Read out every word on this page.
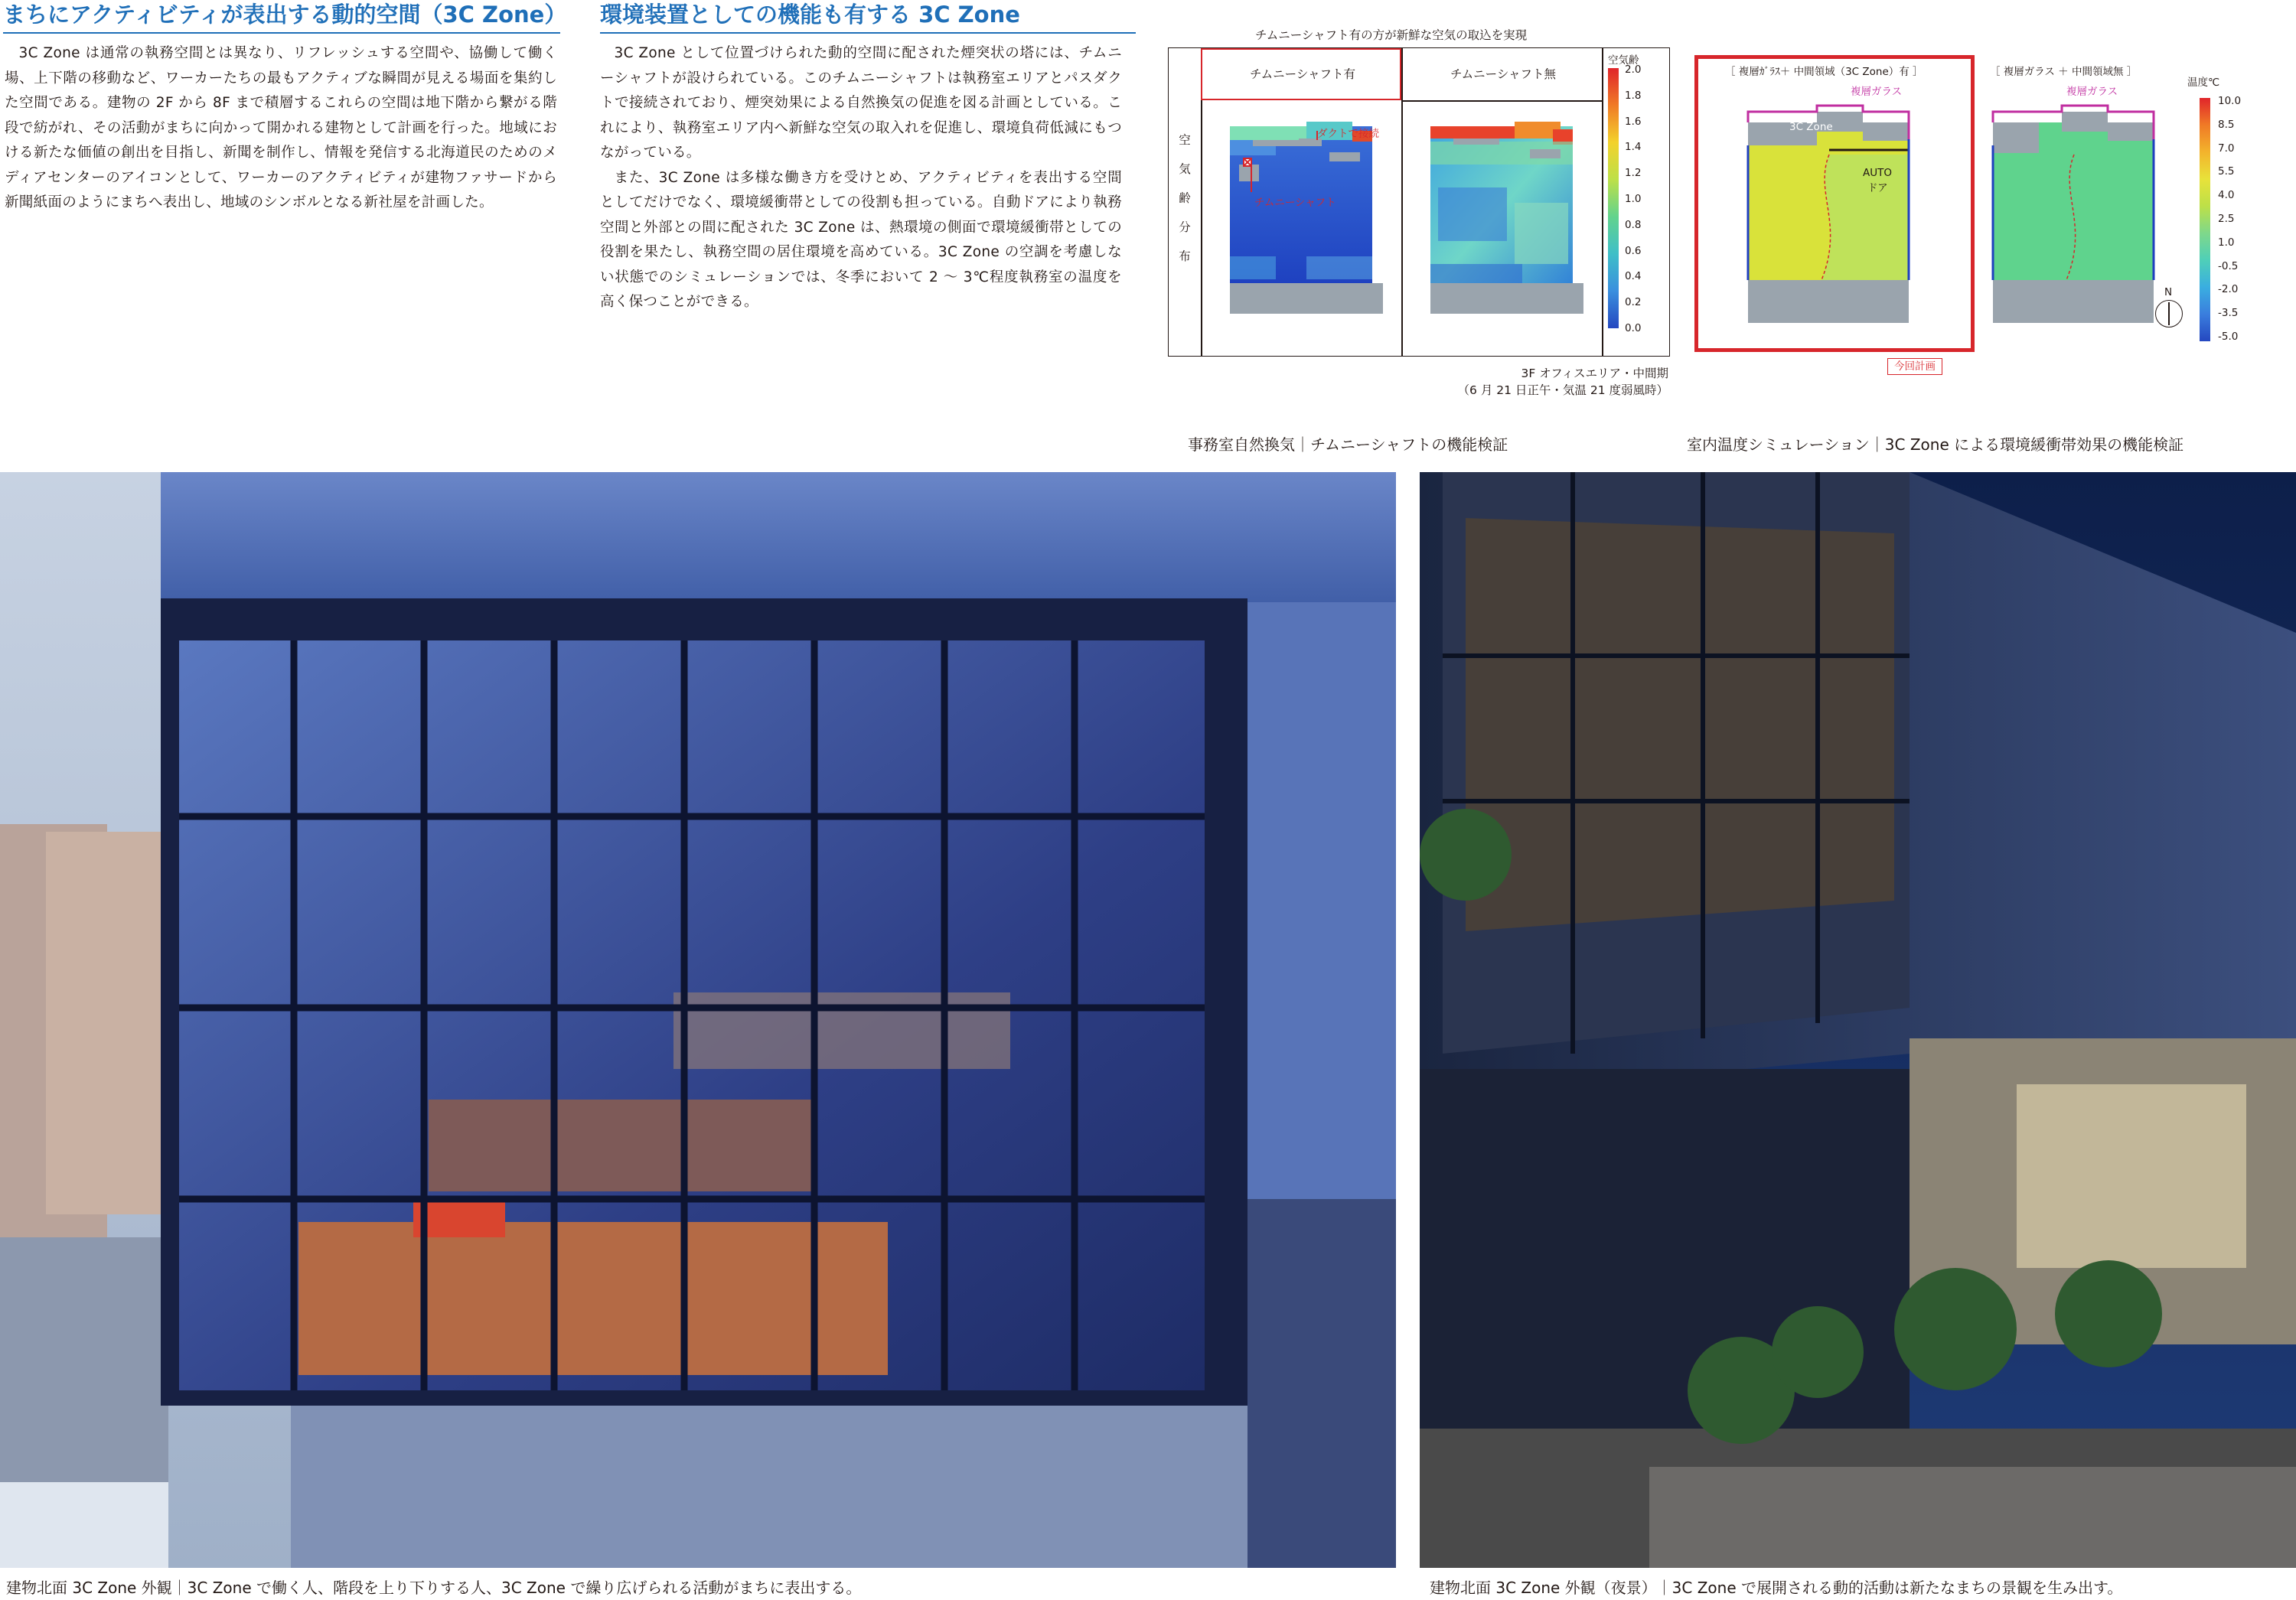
まちにアクティビティが表出する動的空間（3C Zone）

3C Zone は通常の執務空間とは異なり、リフレッシュする空間や、協働して働く場、上下階の移動など、ワーカーたちの最もアクティブな瞬間が見える場面を集約した空間である。建物の 2F から 8F まで積層するこれらの空間は地下階から繋がる階段で紡がれ、その活動がまちに向かって開かれる建物として計画を行った。地域における新たな価値の創出を目指し、新聞を制作し、情報を発信する北海道民のためのメディアセンターのアイコンとして、ワーカーのアクティビティが建物ファサードから新聞紙面のようにまちへ表出し、地域のシンボルとなる新社屋を計画した。

環境装置としての機能も有する 3C Zone

3C Zone として位置づけられた動的空間に配された煙突状の塔には、チムニーシャフトが設けられている。このチムニーシャフトは執務室エリアとパスダクトで接続されており、煙突効果による自然換気の促進を図る計画としている。これにより、執務室エリア内へ新鮮な空気の取入れを促進し、環境負荷低減にもつながっている。

また、3C Zone は多様な働き方を受けとめ、アクティビティを表出する空間としてだけでなく、環境緩衝帯としての役割も担っている。自動ドアにより執務空間と外部との間に配された 3C Zone は、熱環境の側面で環境緩衝帯としての役割を果たし、執務空間の居住環境を高めている。3C Zone の空調を考慮しない状態でのシミュレーションでは、冬季において 2 ～ 3℃程度執務室の温度を高く保つことができる。

チムニーシャフト有の方が新鮮な空気の取込を実現
チムニーシャフト有	チムニーシャフト無
空
気
齢
分
布
ダクトで接続
チムニーシャフト
空気齢
2.0
1.8
1.6
1.4
1.2
1.0
0.8
0.6
0.4
0.2
0.0
3F オフィスエリア・中間期
（6 月 21 日正午・気温 21 度弱風時）
事務室自然換気｜チムニーシャフトの機能検証
［ 複層ｶﾞﾗｽ＋ 中間領域（3C Zone）有 ］	［ 複層ガラス ＋ 中間領域無 ］
複層ガラス
3C Zone
AUTO
ドア
複層ガラス
N
温度℃
10.0
8.5
7.0
5.5
4.0
2.5
1.0
-0.5
-2.0
-3.5
-5.0
今回計画
室内温度シミュレーション｜3C Zone による環境緩衝帯効果の機能検証
建物北面 3C Zone 外観｜3C Zone で働く人、階段を上り下りする人、3C Zone で繰り広げられる活動がまちに表出する。	建物北面 3C Zone 外観（夜景）｜3C Zone で展開される動的活動は新たなまちの景観を生み出す。
